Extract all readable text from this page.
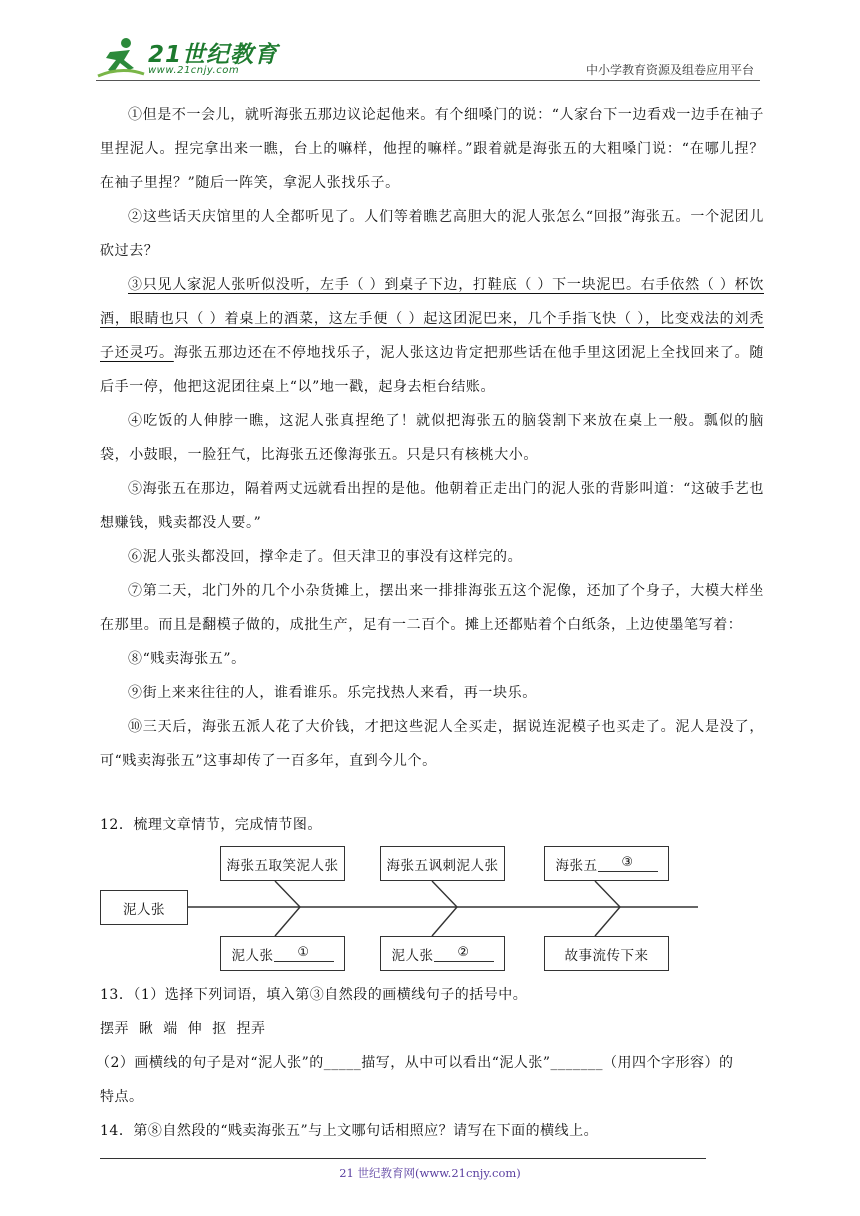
21世纪教育
www.21cnjy.com	中小学教育资源及组卷应用平台

①但是不一会儿，就听海张五那边议论起他来。有个细嗓门的说：“人家台下一边看戏一边手在袖子里捏泥人。捏完拿出来一瞧，台上的嘛样，他捏的嘛样。”跟着就是海张五的大粗嗓门说：“在哪儿捏？在袖子里捏？”随后一阵笑，拿泥人张找乐子。

②这些话天庆馆里的人全都听见了。人们等着瞧艺高胆大的泥人张怎么“回报”海张五。一个泥团儿砍过去？

③只见人家泥人张听似没听，左手（ ）到桌子下边，打鞋底（ ）下一块泥巴。右手依然（ ）杯饮酒，眼睛也只（ ）着桌上的酒菜，这左手便（ ）起这团泥巴来，几个手指飞快（ ），比变戏法的刘秃子还灵巧。海张五那边还在不停地找乐子，泥人张这边肯定把那些话在他手里这团泥上全找回来了。随后手一停，他把这泥团往桌上“以”地一戳，起身去柜台结账。

④吃饭的人伸脖一瞧，这泥人张真捏绝了！就似把海张五的脑袋割下来放在桌上一般。瓢似的脑袋，小鼓眼，一脸狂气，比海张五还像海张五。只是只有核桃大小。

⑤海张五在那边，隔着两丈远就看出捏的是他。他朝着正走出门的泥人张的背影叫道：“这破手艺也想赚钱，贱卖都没人要。”

⑥泥人张头都没回，撑伞走了。但天津卫的事没有这样完的。

⑦第二天，北门外的几个小杂货摊上，摆出来一排排海张五这个泥像，还加了个身子，大模大样坐在那里。而且是翻模子做的，成批生产，足有一二百个。摊上还都贴着个白纸条，上边使墨笔写着：

⑧“贱卖海张五”。

⑨街上来来往往的人，谁看谁乐。乐完找热人来看，再一块乐。

⑩三天后，海张五派人花了大价钱，才把这些泥人全买走，据说连泥模子也买走了。泥人是没了，可“贱卖海张五”这事却传了一百多年，直到今儿个。

12．梳理文章情节，完成情节图。
泥人张
海张五取笑泥人张	海张五讽刺泥人张	海张五	③
泥人张	①	泥人张	②	故事流传下来
13．（1）选择下列词语，填入第③自然段的画横线句子的括号中。
摆弄  瞅  端  伸  抠  捏弄
（2）画横线的句子是对“泥人张”的_____描写，从中可以看出“泥人张”_______（用四个字形容）的
特点。
14．第⑧自然段的“贱卖海张五”与上文哪句话相照应？请写在下面的横线上。
21 世纪教育网(www.21cnjy.com)
